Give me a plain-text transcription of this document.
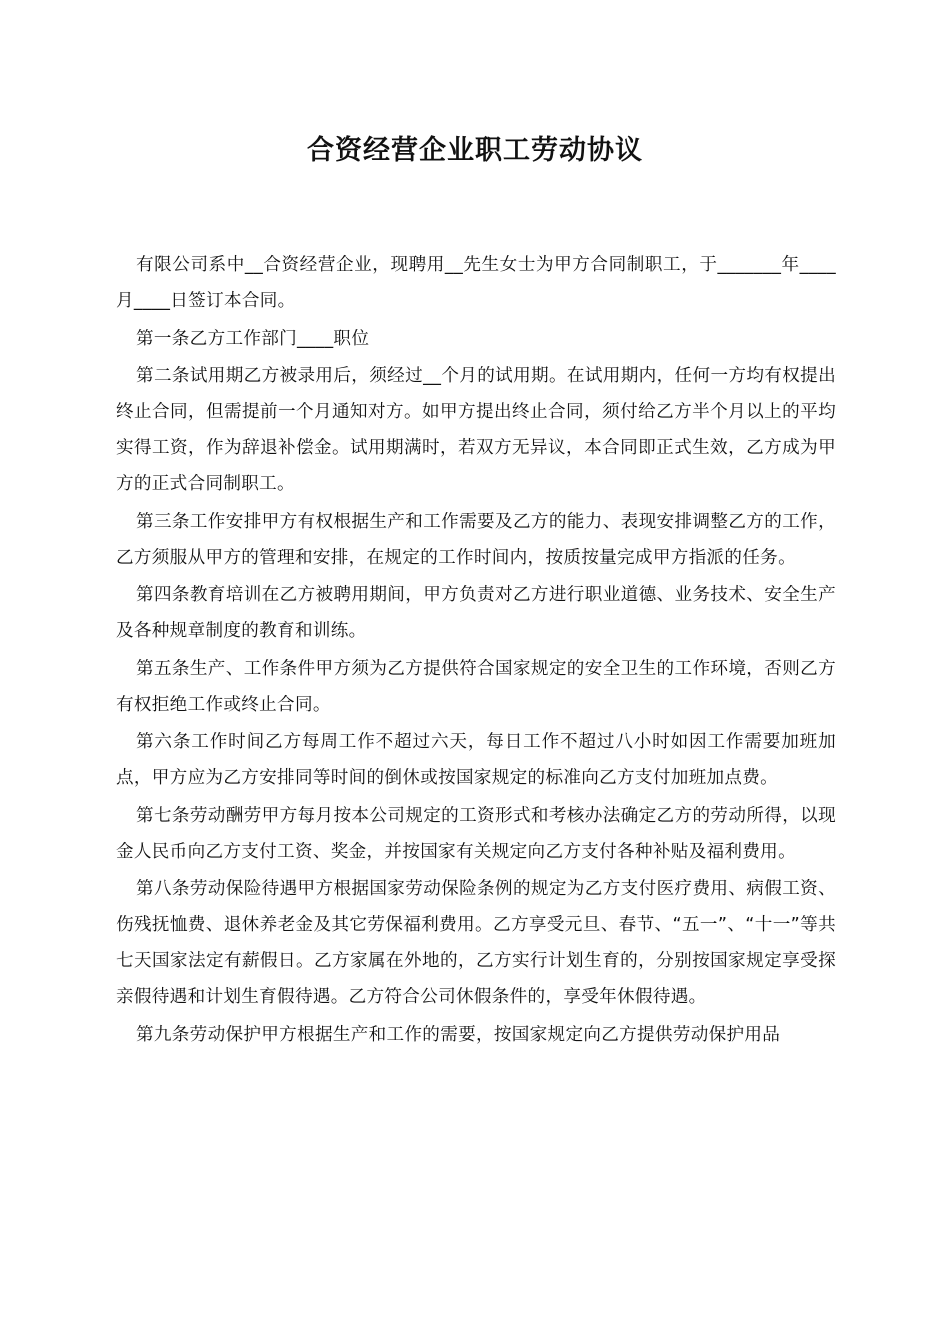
合资经营企业职工劳动协议

有限公司系中__合资经营企业，现聘用__先生女士为甲方合同制职工，于_______年____月____日签订本合同。

第一条乙方工作部门____职位

第二条试用期乙方被录用后，须经过__个月的试用期。在试用期内，任何一方均有权提出终止合同，但需提前一个月通知对方。如甲方提出终止合同，须付给乙方半个月以上的平均实得工资，作为辞退补偿金。试用期满时，若双方无异议，本合同即正式生效，乙方成为甲方的正式合同制职工。

第三条工作安排甲方有权根据生产和工作需要及乙方的能力、表现安排调整乙方的工作，乙方须服从甲方的管理和安排，在规定的工作时间内，按质按量完成甲方指派的任务。

第四条教育培训在乙方被聘用期间，甲方负责对乙方进行职业道德、业务技术、安全生产及各种规章制度的教育和训练。

第五条生产、工作条件甲方须为乙方提供符合国家规定的安全卫生的工作环境，否则乙方有权拒绝工作或终止合同。

第六条工作时间乙方每周工作不超过六天，每日工作不超过八小时如因工作需要加班加点，甲方应为乙方安排同等时间的倒休或按国家规定的标准向乙方支付加班加点费。

第七条劳动酬劳甲方每月按本公司规定的工资形式和考核办法确定乙方的劳动所得，以现金人民币向乙方支付工资、奖金，并按国家有关规定向乙方支付各种补贴及福利费用。

第八条劳动保险待遇甲方根据国家劳动保险条例的规定为乙方支付医疗费用、病假工资、伤残抚恤费、退休养老金及其它劳保福利费用。乙方享受元旦、春节、“五一”、“十一”等共七天国家法定有薪假日。乙方家属在外地的，乙方实行计划生育的，分别按国家规定享受探亲假待遇和计划生育假待遇。乙方符合公司休假条件的，享受年休假待遇。

第九条劳动保护甲方根据生产和工作的需要，按国家规定向乙方提供劳动保护用品
